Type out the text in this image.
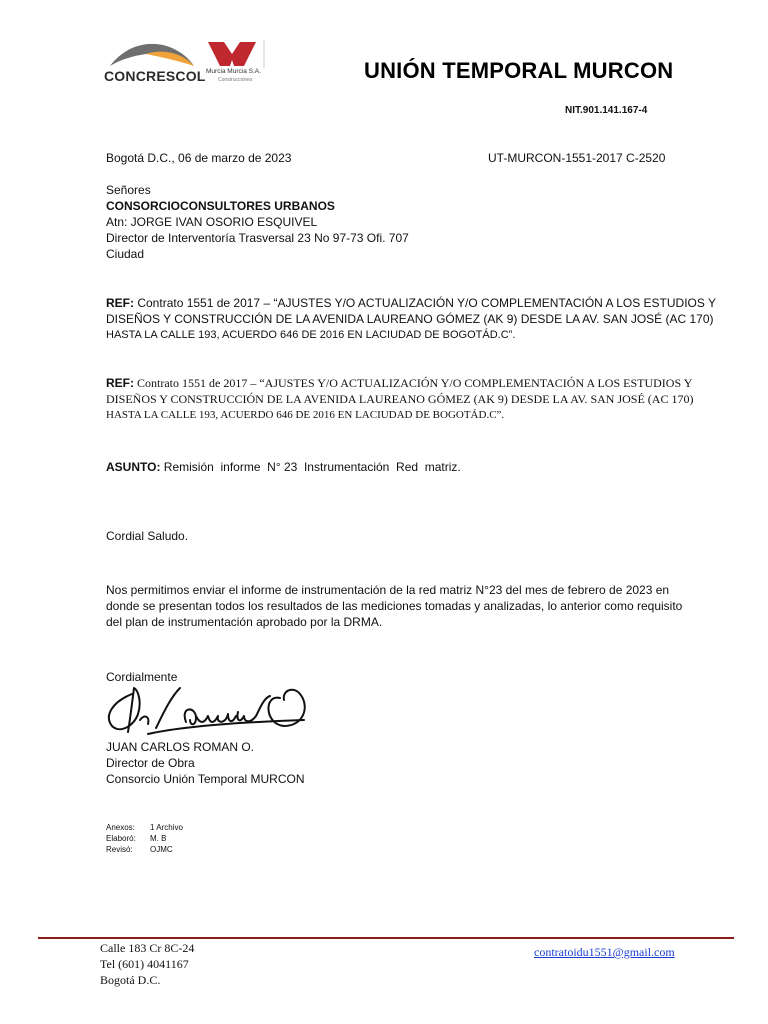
CONCRESCOL Murcia Murcia S.A.
Construcciones	UNIÓN TEMPORAL MURCON
NIT.901.141.167-4
Bogotá D.C., 06 de marzo de 2023	UT-MURCON-1551-2017 C-2520
Señores
CONSORCIOCONSULTORES URBANOS
Atn: JORGE IVAN OSORIO ESQUIVEL
Director de Interventoría Trasversal 23 No 97-73 Ofi. 707
Ciudad
REF: Contrato 1551 de 2017 – “AJUSTES Y/O ACTUALIZACIÓN Y/O COMPLEMENTACIÓN A LOS ESTUDIOS Y
DISEÑOS Y CONSTRUCCIÓN DE LA AVENIDA LAUREANO GÓMEZ (AK 9) DESDE LA AV. SAN JOSÉ (AC 170)
HASTA LA CALLE 193, ACUERDO 646 DE 2016 EN LACIUDAD DE BOGOTÁD.C”.
REF: Contrato 1551 de 2017 – “AJUSTES Y/O ACTUALIZACIÓN Y/O COMPLEMENTACIÓN A LOS ESTUDIOS Y
DISEÑOS Y CONSTRUCCIÓN DE LA AVENIDA LAUREANO GÓMEZ (AK 9) DESDE LA AV. SAN JOSÉ (AC 170)
HASTA LA CALLE 193, ACUERDO 646 DE 2016 EN LACIUDAD DE BOGOTÁD.C”.
ASUNTO: Remisión  informe  N° 23  Instrumentación  Red  matriz.
Cordial Saludo.
Nos permitimos enviar el informe de instrumentación de la red matriz N°23 del mes de febrero de 2023 en
donde se presentan todos los resultados de las mediciones tomadas y analizadas, lo anterior como requisito
del plan de instrumentación aprobado por la DRMA.
Cordialmente
JUAN CARLOS ROMAN O.
Director de Obra
Consorcio Unión Temporal MURCON
Anexos: 1 Archivo
Elaboró: M. B
Revisó: OJMC
Calle 183 Cr 8C-24
Tel (601) 4041167
Bogotá D.C.
contratoidu1551@gmail.com
